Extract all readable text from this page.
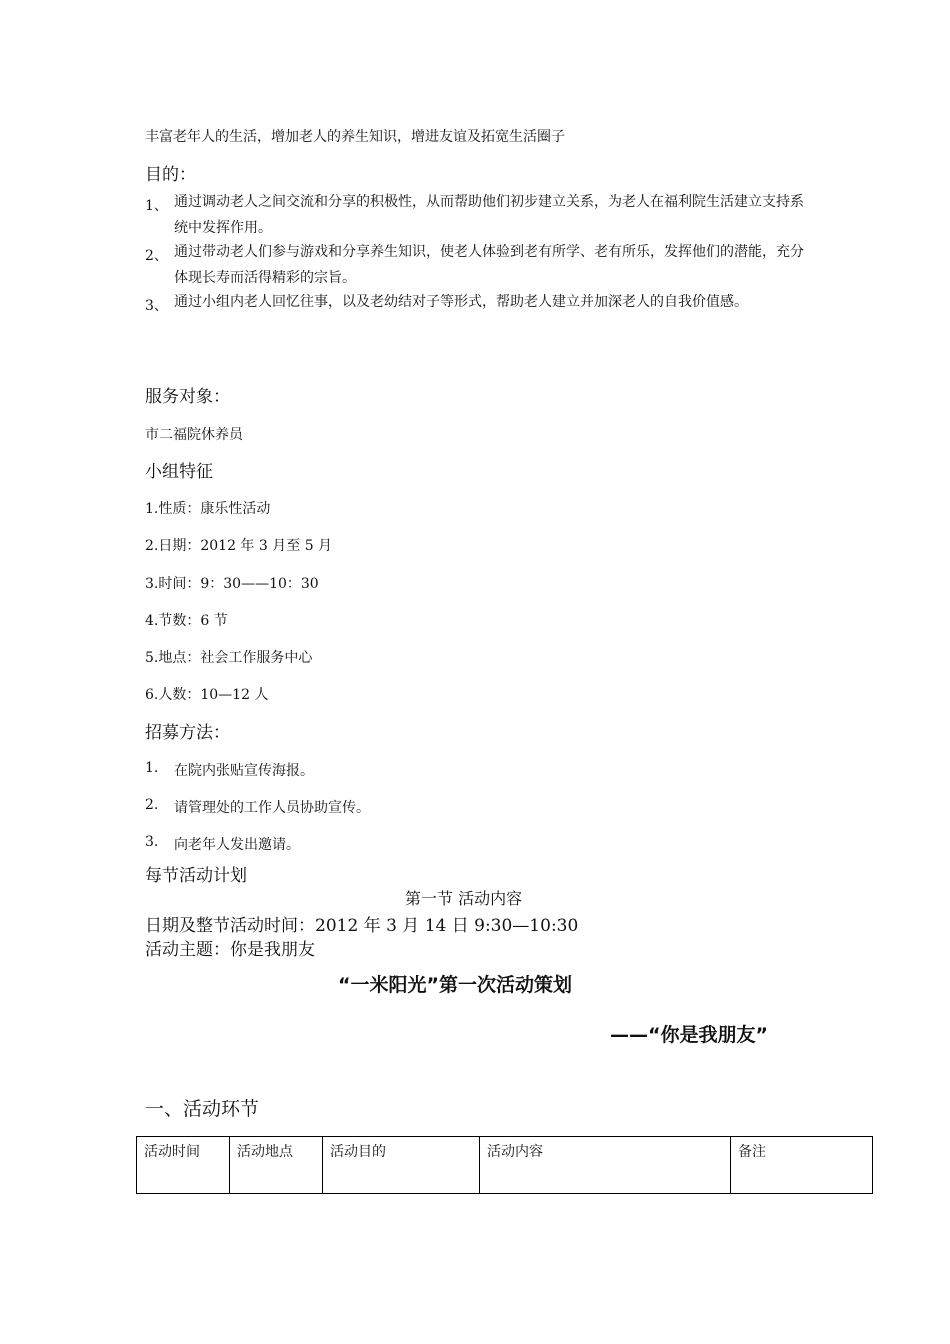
丰富老年人的生活，增加老人的养生知识，增进友谊及拓宽生活圈子
目的：
1、 通过调动老人之间交流和分享的积极性，从而帮助他们初步建立关系，为老人在福利院生活建立支持系统中发挥作用。
2、 通过带动老人们参与游戏和分享养生知识，使老人体验到老有所学、老有所乐，发挥他们的潜能，充分体现长寿而活得精彩的宗旨。
3、 通过小组内老人回忆往事，以及老幼结对子等形式，帮助老人建立并加深老人的自我价值感。
服务对象：
市二福院休养员
小组特征
1.性质：康乐性活动
2.日期：2012 年 3 月至 5 月
3.时间：9：30——10：30
4.节数：6 节
5.地点：社会工作服务中心
6.人数：10—12 人
招募方法：
1. 在院内张贴宣传海报。
2. 请管理处的工作人员协助宣传。
3. 向老年人发出邀请。
每节活动计划
第一节 活动内容
日期及整节活动时间：2012 年 3 月 14 日 9:30—10:30
活动主题：你是我朋友
“一米阳光”第一次活动策划
——“你是我朋友”
一、活动环节
活动时间	活动地点	活动目的	活动内容	备注
